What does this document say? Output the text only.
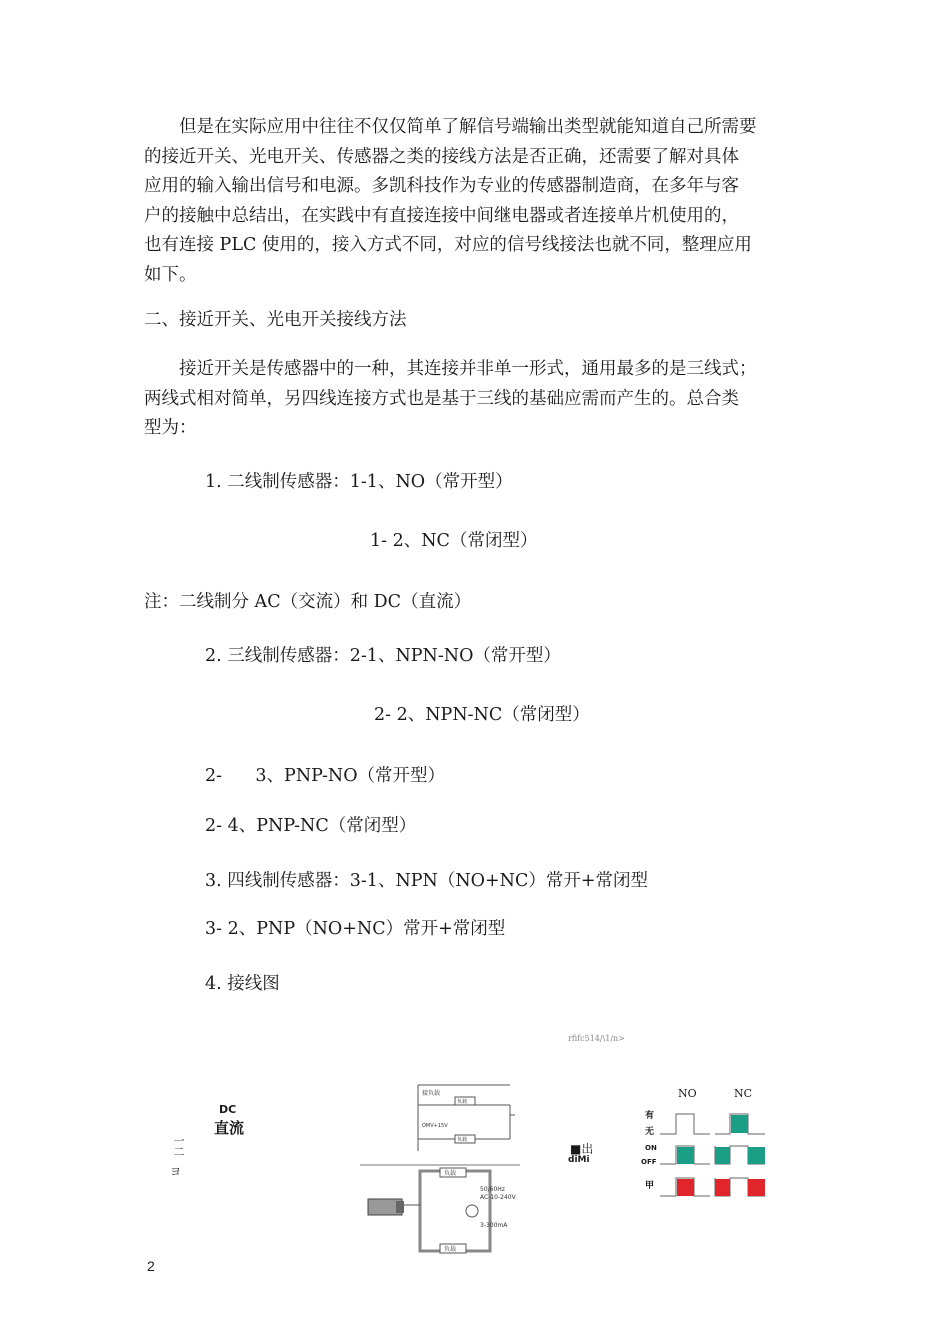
　　但是在实际应用中往往不仅仅简单了解信号端输出类型就能知道自己所需要

的接近开关、光电开关、传感器之类的接线方法是否正确，还需要了解对具体

应用的输入输出信号和电源。多凯科技作为专业的传感器制造商，在多年与客

户的接触中总结出，在实践中有直接连接中间继电器或者连接单片机使用的，

也有连接 PLC 使用的，接入方式不同，对应的信号线接法也就不同，整理应用

如下。

二、接近开关、光电开关接线方法

　　接近开关是传感器中的一种，其连接并非单一形式，通用最多的是三线式；

两线式相对简单，另四线连接方式也是基于三线的基础应需而产生的。总合类

型为：

1. 二线制传感器：1-1、NO（常开型）
1- 2、NC（常闭型）
注：二线制分 AC（交流）和 DC（直流）
2. 三线制传感器：2-1、NPN-NO（常开型）
2- 2、NPN-NC（常闭型）
2-      3、PNP-NO（常开型）
2- 4、PNP-NC（常闭型）
3. 四线制传感器：3-1、NPN（NO+NC）常开+常闭型
3- 2、PNP（NO+NC）常开+常闭型
4. 接线图
rfifc514/\1/n>
DC
直流
一二
ヨ
接负载
负载
OMV+15V
负载
负载
50/60Hz
AC-10-240V
3-300mA
负载
■出
diMi
NO	NC
有
无
ON
OFF
甲
2
